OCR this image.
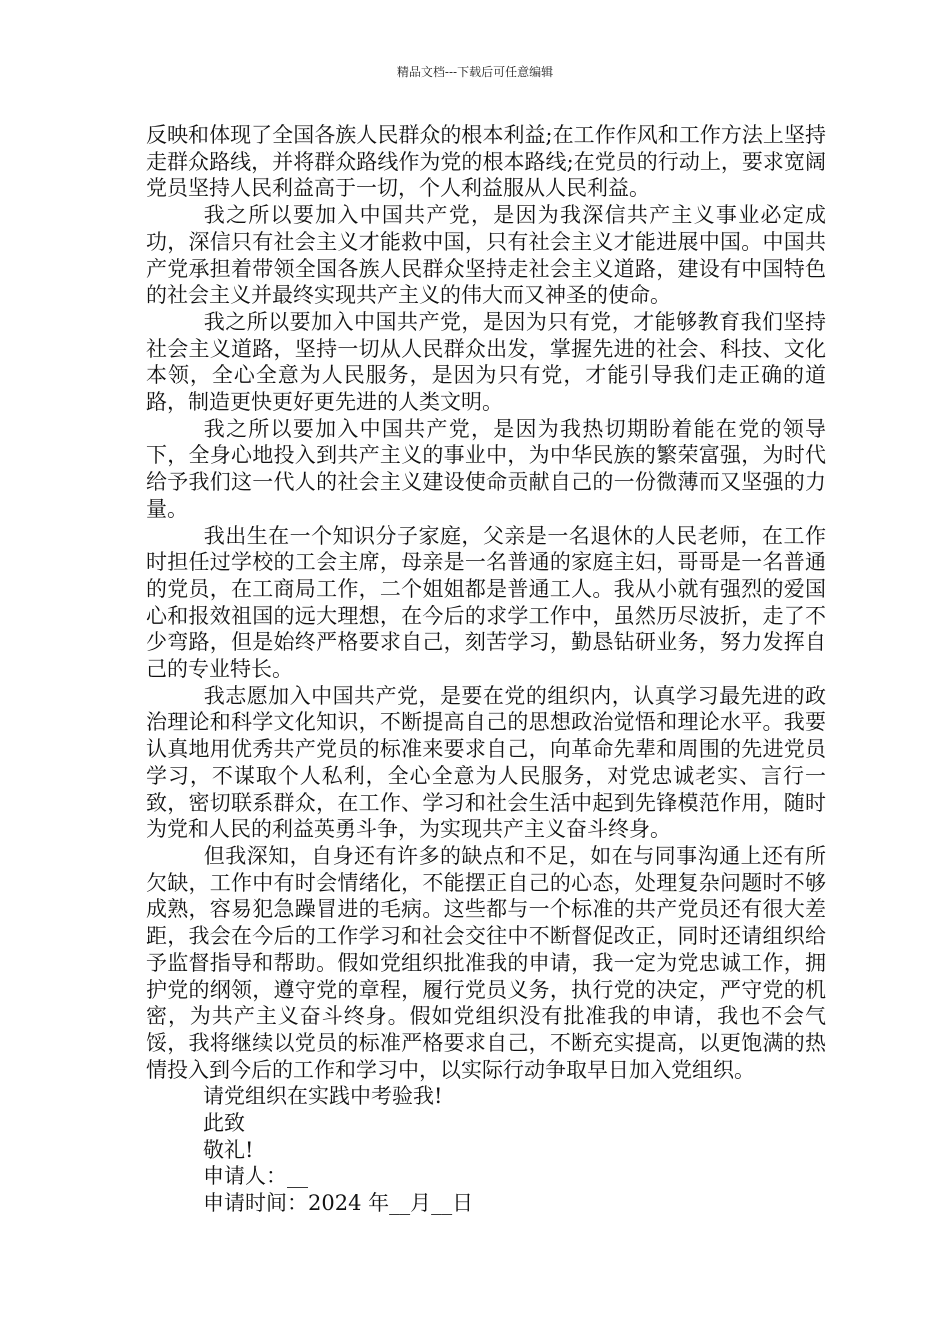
精品文档---下载后可任意编辑

反映和体现了全国各族人民群众的根本利益;在工作作风和工作方法上坚持走群众路线，并将群众路线作为党的根本路线;在党员的行动上，要求宽阔党员坚持人民利益高于一切，个人利益服从人民利益。

我之所以要加入中国共产党，是因为我深信共产主义事业必定成功，深信只有社会主义才能救中国，只有社会主义才能进展中国。中国共产党承担着带领全国各族人民群众坚持走社会主义道路，建设有中国特色的社会主义并最终实现共产主义的伟大而又神圣的使命。

我之所以要加入中国共产党，是因为只有党，才能够教育我们坚持社会主义道路，坚持一切从人民群众出发，掌握先进的社会、科技、文化本领，全心全意为人民服务，是因为只有党，才能引导我们走正确的道路，制造更快更好更先进的人类文明。

我之所以要加入中国共产党，是因为我热切期盼着能在党的领导下，全身心地投入到共产主义的事业中，为中华民族的繁荣富强，为时代给予我们这一代人的社会主义建设使命贡献自己的一份微薄而又坚强的力量。

我出生在一个知识分子家庭，父亲是一名退休的人民老师，在工作时担任过学校的工会主席，母亲是一名普通的家庭主妇，哥哥是一名普通的党员，在工商局工作，二个姐姐都是普通工人。我从小就有强烈的爱国心和报效祖国的远大理想，在今后的求学工作中，虽然历尽波折，走了不少弯路，但是始终严格要求自己，刻苦学习，勤恳钻研业务，努力发挥自己的专业特长。

我志愿加入中国共产党，是要在党的组织内，认真学习最先进的政治理论和科学文化知识，不断提高自己的思想政治觉悟和理论水平。我要认真地用优秀共产党员的标准来要求自己，向革命先辈和周围的先进党员学习，不谋取个人私利，全心全意为人民服务，对党忠诚老实、言行一致，密切联系群众，在工作、学习和社会生活中起到先锋模范作用，随时为党和人民的利益英勇斗争，为实现共产主义奋斗终身。

但我深知，自身还有许多的缺点和不足，如在与同事沟通上还有所欠缺，工作中有时会情绪化，不能摆正自己的心态，处理复杂问题时不够成熟，容易犯急躁冒进的毛病。这些都与一个标准的共产党员还有很大差距，我会在今后的工作学习和社会交往中不断督促改正，同时还请组织给予监督指导和帮助。假如党组织批准我的申请，我一定为党忠诚工作，拥护党的纲领，遵守党的章程，履行党员义务，执行党的决定，严守党的机密，为共产主义奋斗终身。假如党组织没有批准我的申请，我也不会气馁，我将继续以党员的标准严格要求自己，不断充实提高，以更饱满的热情投入到今后的工作和学习中，以实际行动争取早日加入党组织。

请党组织在实践中考验我!

此致

敬礼!

申请人：__

申请时间：2024 年__月__日
